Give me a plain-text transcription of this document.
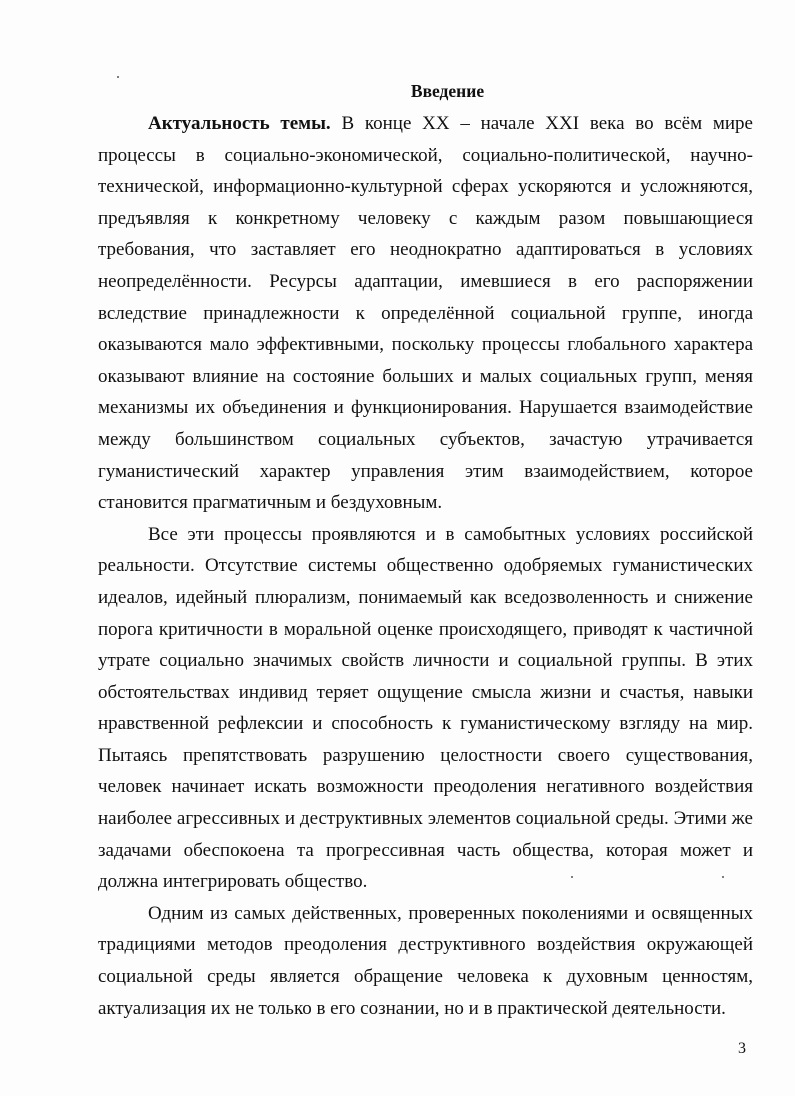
Введение

Актуальность темы. В конце XX – начале XXI века во всём мире процессы в социально-экономической, социально-политической, научно-технической, информационно-культурной сферах ускоряются и усложняются, предъявляя к конкретному человеку с каждым разом повышающиеся требования, что заставляет его неоднократно адаптироваться в условиях неопределённости. Ресурсы адаптации, имевшиеся в его распоряжении вследствие принадлежности к определённой социальной группе, иногда оказываются мало эффективными, поскольку процессы глобального характера оказывают влияние на состояние больших и малых социальных групп, меняя механизмы их объединения и функционирования. Нарушается взаимодействие между большинством социальных субъектов, зачастую утрачивается гуманистический характер управления этим взаимодействием, которое становится прагматичным и бездуховным.

Все эти процессы проявляются и в самобытных условиях российской реальности. Отсутствие системы общественно одобряемых гуманистических идеалов, идейный плюрализм, понимаемый как вседозволенность и снижение порога критичности в моральной оценке происходящего, приводят к частичной утрате социально значимых свойств личности и социальной группы. В этих обстоятельствах индивид теряет ощущение смысла жизни и счастья, навыки нравственной рефлексии и способность к гуманистическому взгляду на мир. Пытаясь препятствовать разрушению целостности своего существования, человек начинает искать возможности преодоления негативного воздействия наиболее агрессивных и деструктивных элементов социальной среды. Этими же задачами обеспокоена та прогрессивная часть общества, которая может и должна интегрировать общество.

Одним из самых действенных, проверенных поколениями и освященных традициями методов преодоления деструктивного воздействия окружающей социальной среды является обращение человека к духовным ценностям, актуализация их не только в его сознании, но и в практической деятельности.

3
